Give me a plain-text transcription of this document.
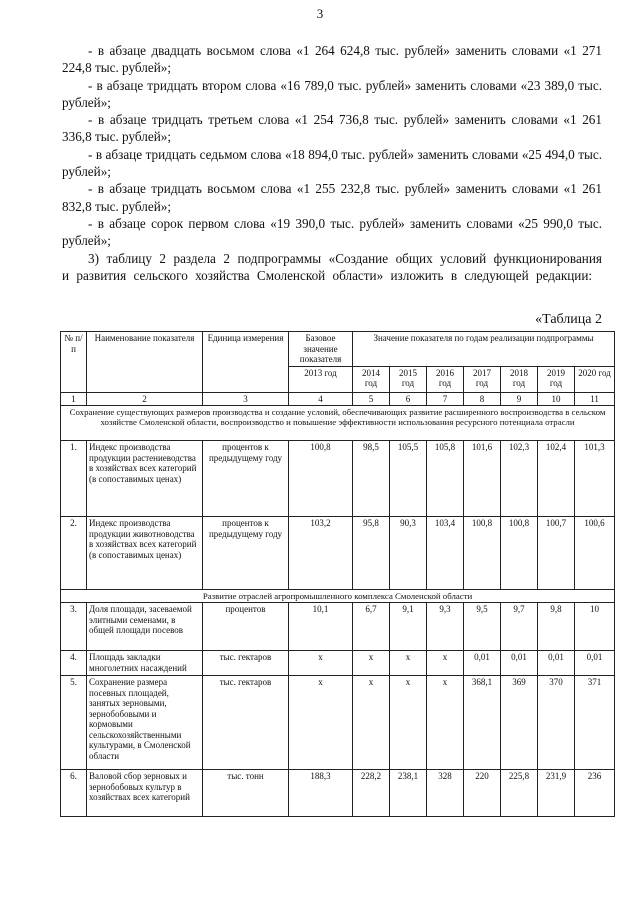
3

- в абзаце двадцать восьмом слова «1 264 624,8 тыс. рублей» заменить словами «1 271 224,8 тыс. рублей»;

- в абзаце тридцать втором слова «16 789,0 тыс. рублей» заменить словами «23 389,0 тыс. рублей»;

- в абзаце тридцать третьем слова «1 254 736,8 тыс. рублей» заменить словами «1 261 336,8 тыс. рублей»;

- в абзаце тридцать седьмом слова «18 894,0 тыс. рублей» заменить словами «25 494,0 тыс. рублей»;

- в абзаце тридцать восьмом слова «1 255 232,8 тыс. рублей» заменить словами «1 261 832,8 тыс. рублей»;

- в абзаце сорок первом слова «19 390,0 тыс. рублей» заменить словами «25 990,0 тыс. рублей»;

3) таблицу 2 раздела 2 подпрограммы «Создание общих условий функционирования и развития сельского хозяйства Смоленской области» изложить в следующей редакции:

«Таблица 2
№ п/п	Наименование показателя	Единица измерения	Базовое значение показателя	Значение показателя по годам реализации подпрограммы						
			2013 год	2014 год	2015 год	2016 год	2017 год	2018 год	2019 год	2020 год
1	2	3	4	5	6	7	8	9	10	11
Сохранение существующих размеров производства и создание условий, обеспечивающих развитие расширенного воспроизводства в сельском хозяйстве Смоленской области, воспроизводство и повышение эффективности использования ресурсного потенциала отрасли										
1.	Индекс производства продукции растениеводства в хозяйствах всех категорий (в сопоставимых ценах)	процентов к предыдущему году	100,8	98,5	105,5	105,8	101,6	102,3	102,4	101,3
2.	Индекс производства продукции животноводства в хозяйствах всех категорий (в сопоставимых ценах)	процентов к предыдущему году	103,2	95,8	90,3	103,4	100,8	100,8	100,7	100,6
Развитие отраслей агропромышленного комплекса Смоленской области										
3.	Доля площади, засеваемой элитными семенами, в общей площади посевов	процентов	10,1	6,7	9,1	9,3	9,5	9,7	9,8	10
4.	Площадь закладки многолетних насаждений	тыс. гектаров	х	х	х	х	0,01	0,01	0,01	0,01
5.	Сохранение размера посевных площадей, занятых зерновыми, зернобобовыми и кормовыми сельскохозяйственными культурами, в Смоленской области	тыс. гектаров	х	х	х	х	368,1	369	370	371
6.	Валовой сбор зерновых и зернобобовых культур в хозяйствах всех категорий	тыс. тонн	188,3	228,2	238,1	328	220	225,8	231,9	236
